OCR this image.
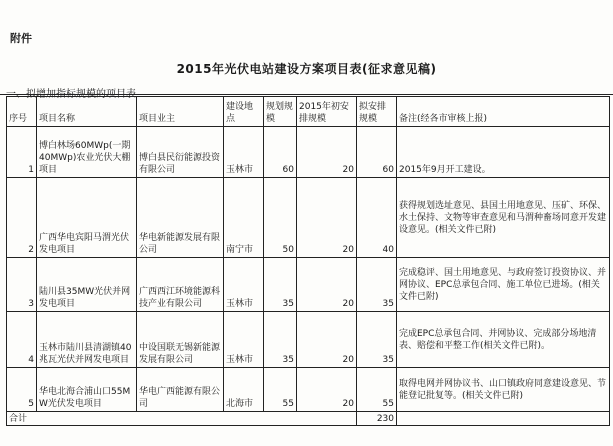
附件
2015年光伏电站建设方案项目表(征求意见稿)
一、拟增加指标规模的项目表
序号	项目名称	项目业主	建设地点	规划规模	2015年初安排规模	拟安排规模	备注(经各市审核上报)
1	博白林场60MWp(一期40MWp)农业光伏大棚项目	博白县民衍能源投资有限公司	玉林市	60	20	60	2015年9月开工建设。
2	广西华电宾阳马渭光伏发电项目	华电新能源发展有限公司	南宁市	50	20	40	获得规划选址意见、县国土用地意见、压矿、环保、水土保持、文物等审查意见和马渭种畜场同意开发建设意见。(相关文件已附)
3	陆川县35MW光伏并网发电项目	广西西江环境能源科技产业有限公司	玉林市	35	20	35	完成稳评、国土用地意见、与政府签订投资协议、并网协议、EPC总承包合同、施工单位已进场。(相关文件已附)
4	玉林市陆川县清湖镇40兆瓦光伏并网发电项目	中设国联无锡新能源发展有限公司	玉林市	35	20	35	完成EPC总承包合同、并网协议、完成部分场地清表、赔偿和平整工作(相关文件已附)。
5	华电北海合浦山口55MW光伏发电项目	华电广西能源有限公司	北海市	55	20	55	取得电网并网协议书、山口镇政府同意建设意见、节能登记批复等。(相关文件已附)
合计						230	
